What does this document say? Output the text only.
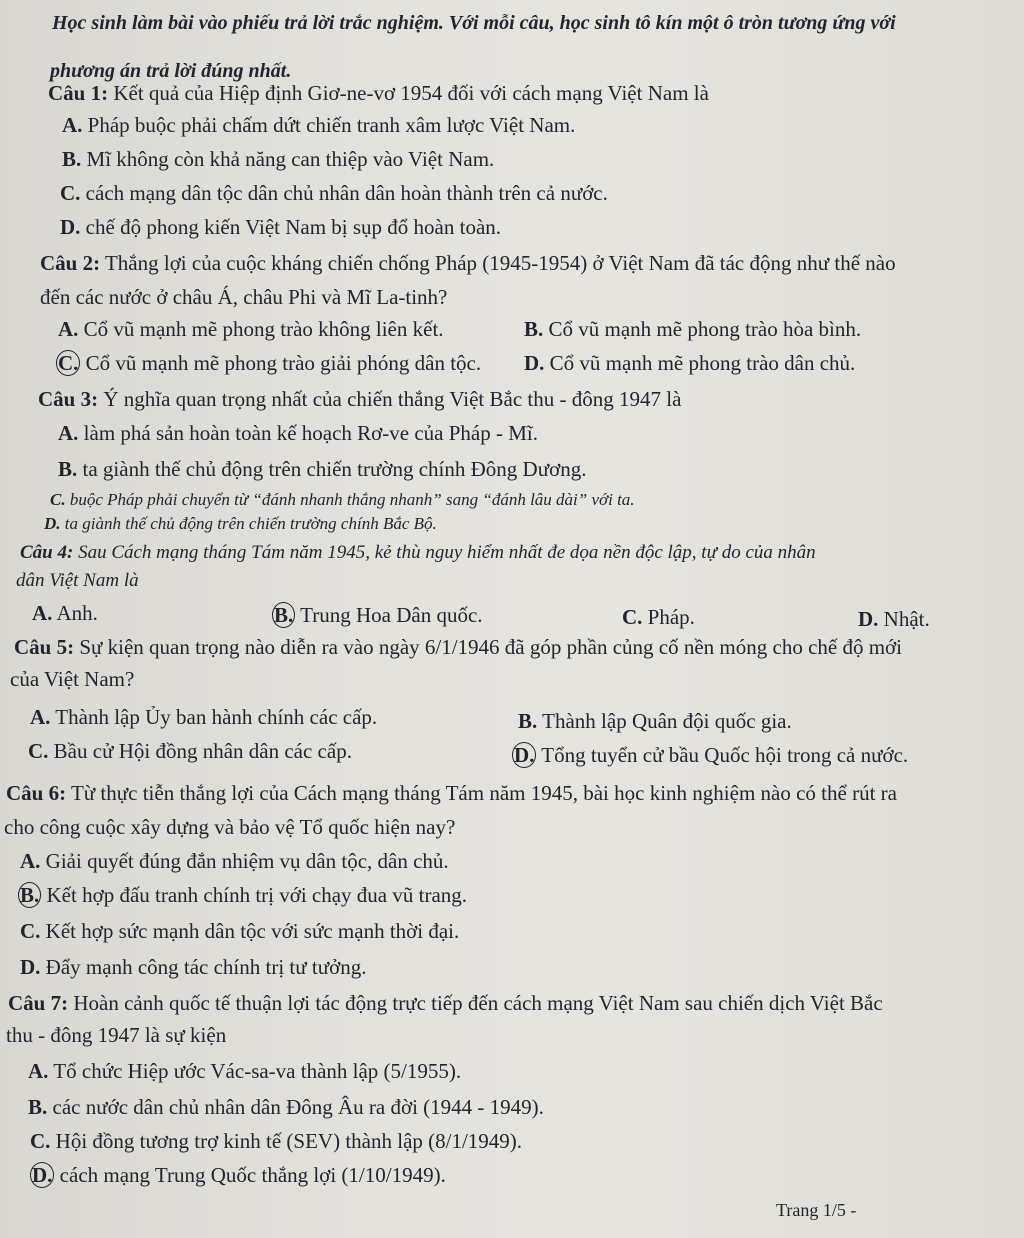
Học sinh làm bài vào phiếu trả lời trắc nghiệm. Với mỗi câu, học sinh tô kín một ô tròn tương ứng với
phương án trả lời đúng nhất.
Câu 1: Kết quả của Hiệp định Giơ-ne-vơ 1954 đối với cách mạng Việt Nam là
A. Pháp buộc phải chấm dứt chiến tranh xâm lược Việt Nam.
B. Mĩ không còn khả năng can thiệp vào Việt Nam.
C. cách mạng dân tộc dân chủ nhân dân hoàn thành trên cả nước.
D. chế độ phong kiến Việt Nam bị sụp đổ hoàn toàn.
Câu 2: Thắng lợi của cuộc kháng chiến chống Pháp (1945-1954) ở Việt Nam đã tác động như thế nào
đến các nước ở châu Á, châu Phi và Mĩ La-tinh?
A. Cổ vũ mạnh mẽ phong trào không liên kết.	B. Cổ vũ mạnh mẽ phong trào hòa bình.
C. Cổ vũ mạnh mẽ phong trào giải phóng dân tộc. D. Cổ vũ mạnh mẽ phong trào dân chủ.
Câu 3: Ý nghĩa quan trọng nhất của chiến thắng Việt Bắc thu - đông 1947 là
A. làm phá sản hoàn toàn kế hoạch Rơ-ve của Pháp - Mĩ.
B. ta giành thế chủ động trên chiến trường chính Đông Dương.
C. buộc Pháp phải chuyển từ “đánh nhanh thắng nhanh” sang “đánh lâu dài” với ta.
D. ta giành thế chủ động trên chiến trường chính Bắc Bộ.
Câu 4: Sau Cách mạng tháng Tám năm 1945, kẻ thù nguy hiểm nhất đe dọa nền độc lập, tự do của nhân
dân Việt Nam là
A. Anh.	B. Trung Hoa Dân quốc.	C. Pháp.	D. Nhật.
Câu 5: Sự kiện quan trọng nào diễn ra vào ngày 6/1/1946 đã góp phần củng cố nền móng cho chế độ mới
của Việt Nam?
A. Thành lập Ủy ban hành chính các cấp.	B. Thành lập Quân đội quốc gia.
C. Bầu cử Hội đồng nhân dân các cấp.	D. Tổng tuyển cử bầu Quốc hội trong cả nước.
Câu 6: Từ thực tiễn thắng lợi của Cách mạng tháng Tám năm 1945, bài học kinh nghiệm nào có thể rút ra
cho công cuộc xây dựng và bảo vệ Tổ quốc hiện nay?
A. Giải quyết đúng đắn nhiệm vụ dân tộc, dân chủ.
B. Kết hợp đấu tranh chính trị với chạy đua vũ trang.
C. Kết hợp sức mạnh dân tộc với sức mạnh thời đại.
D. Đẩy mạnh công tác chính trị tư tưởng.
Câu 7: Hoàn cảnh quốc tế thuận lợi tác động trực tiếp đến cách mạng Việt Nam sau chiến dịch Việt Bắc
thu - đông 1947 là sự kiện
A. Tổ chức Hiệp ước Vác-sa-va thành lập (5/1955).
B. các nước dân chủ nhân dân Đông Âu ra đời (1944 - 1949).
C. Hội đồng tương trợ kinh tế (SEV) thành lập (8/1/1949).
D. cách mạng Trung Quốc thắng lợi (1/10/1949).
Trang 1/5 -
